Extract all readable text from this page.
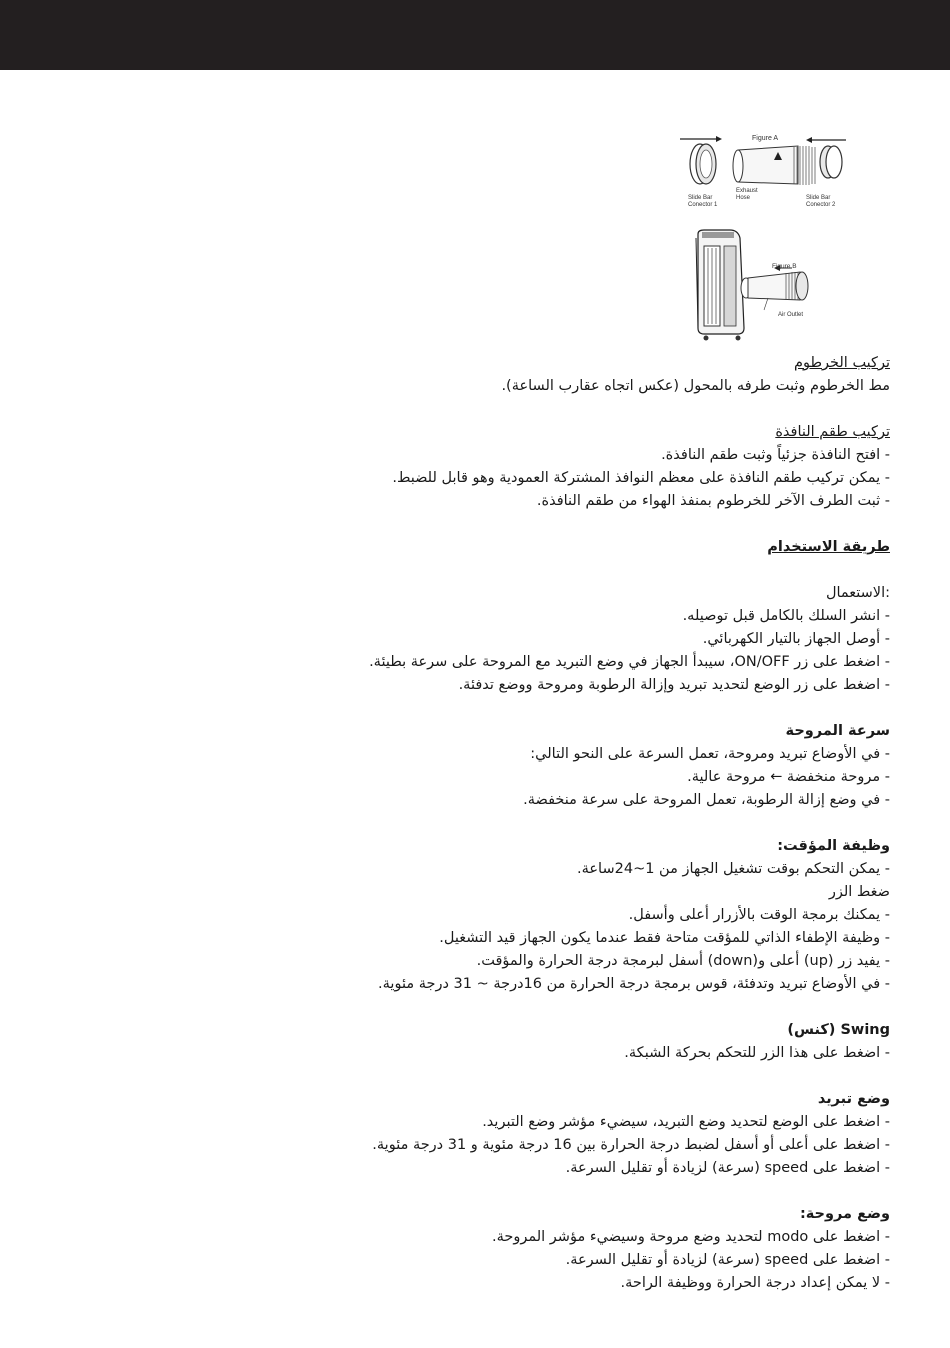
Figure A
Slide Bar
Conector 1
Exhaust
Hose	Slide Bar
Conector 2
Figure B
Air Outlet

تركيب الخرطوم

مط الخرطوم وثبت طرفه بالمحول (عكس اتجاه عقارب الساعة).

تركيب طقم النافذة

- افتح النافذة جزئياً وثبت طقم النافذة.

- يمكن تركيب طقم النافذة على معظم النوافذ المشتركة العمودية وهو قابل للضبط.

- ثبت الطرف الآخر للخرطوم بمنفذ الهواء من طقم النافذة.

طريقة الاستخدام

:الاستعمال

- انشر السلك بالكامل قبل توصيله.

- أوصل الجهاز بالتيار الكهربائي.

- اضغط على زر ON/OFF، سيبدأ الجهاز في وضع التبريد مع المروحة على سرعة بطيئة.

- اضغط على زر الوضع لتحديد تبريد وإزالة الرطوبة ومروحة ووضع تدفئة.

سرعة المروحة

- في الأوضاع تبريد ومروحة، تعمل السرعة على النحو التالي:

- مروحة منخفضة ← مروحة عالية.

- في وضع إزالة الرطوبة، تعمل المروحة على سرعة منخفضة.

وظيفة المؤقت:

- يمكن التحكم بوقت تشغيل الجهاز من 1~24ساعة.

ضغط الزر

- يمكنك برمجة الوقت بالأزرار أعلى وأسفل.

- وظيفة الإطفاء الذاتي للمؤقت متاحة فقط عندما يكون الجهاز قيد التشغيل.

- يفيد زر (up) أعلى و(down) أسفل لبرمجة درجة الحرارة والمؤقت.

- في الأوضاع تبريد وتدفئة، قوس برمجة درجة الحرارة من 16درجة ~ 31 درجة مئوية.

Swing (كنس)

- اضغط على هذا الزر للتحكم بحركة الشبكة.

وضع تبريد

- اضغط على الوضع لتحديد وضع التبريد، سيضيء مؤشر وضع التبريد.

- اضغط على أعلى أو أسفل لضبط درجة الحرارة بين 16 درجة مئوية و 31 درجة مئوية.

- اضغط على speed (سرعة) لزيادة أو تقليل السرعة.

وضع مروحة:

- اضغط على modo لتحديد وضع مروحة وسيضيء مؤشر المروحة.

- اضغط على speed (سرعة) لزيادة أو تقليل السرعة.

- لا يمكن إعداد درجة الحرارة ووظيفة الراحة.
